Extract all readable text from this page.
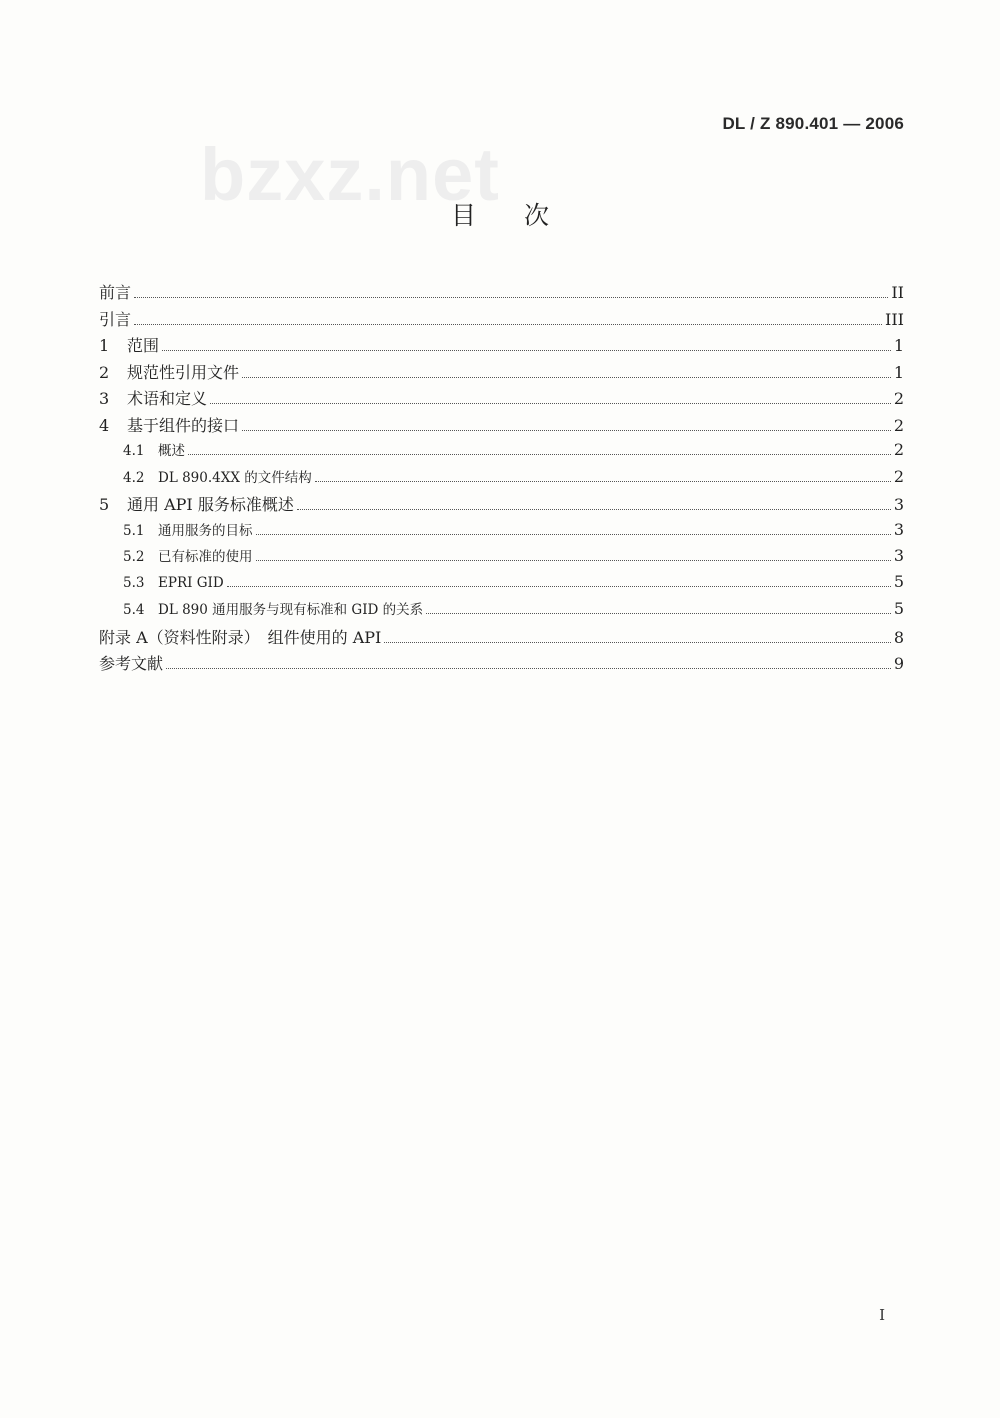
bzxz.net
DL / Z 890.401 — 2006
目次
前言	II
引言	III
1	范围	1
2	规范性引用文件	1
3	术语和定义	2
4	基于组件的接口	2
4.1	概述	2
4.2	DL 890.4XX 的文件结构	2
5	通用 API 服务标准概述	3
5.1	通用服务的目标	3
5.2	已有标准的使用	3
5.3	EPRI GID	5
5.4	DL 890 通用服务与现有标准和 GID 的关系	5
附录 A（资料性附录）　组件使用的 API	8
参考文献	9
I
